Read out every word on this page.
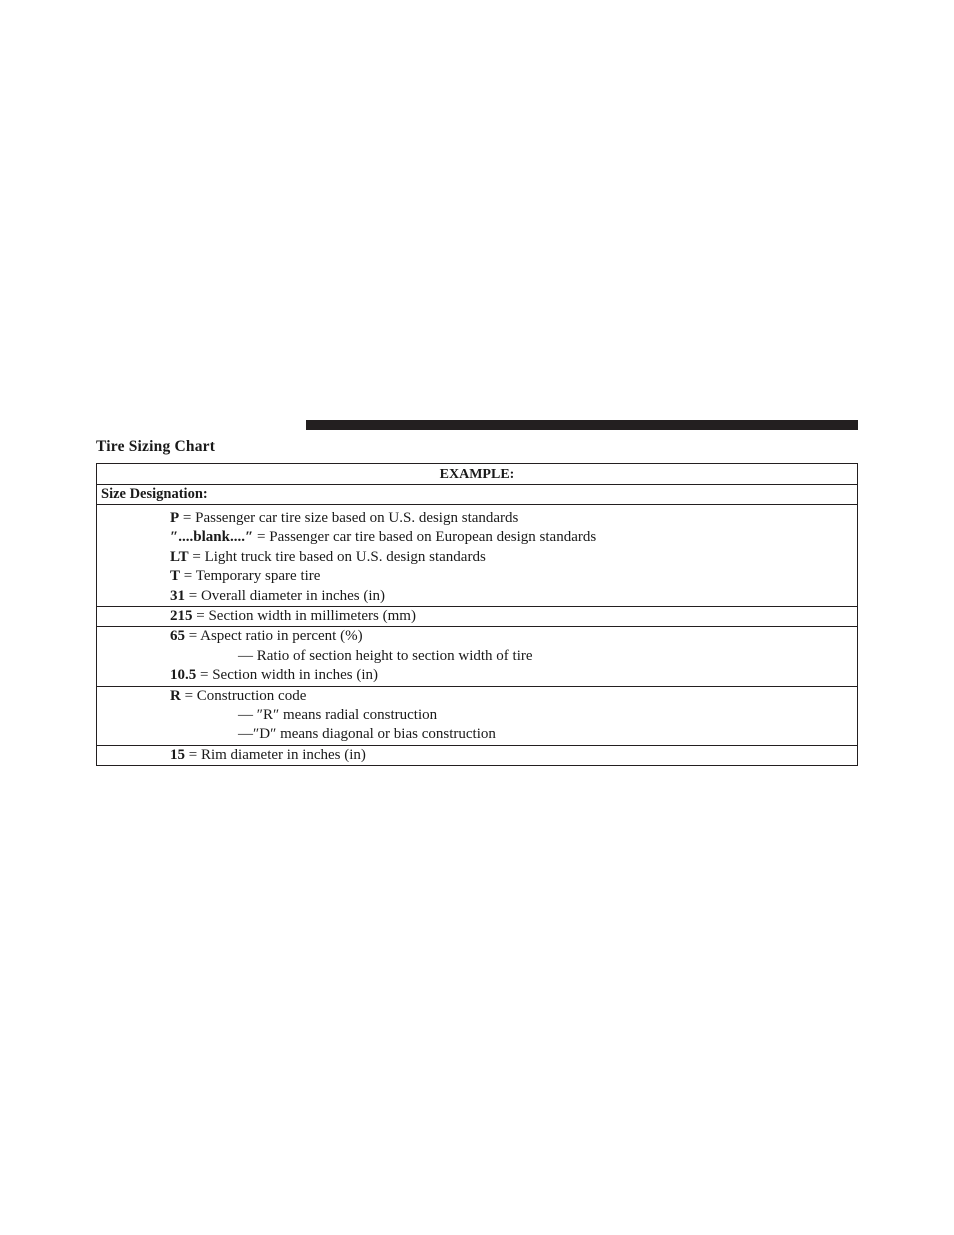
Tire Sizing Chart
EXAMPLE:
Size Designation:
P = Passenger car tire size based on U.S. design standards
″....blank....″ = Passenger car tire based on European design standards
LT = Light truck tire based on U.S. design standards
T = Temporary spare tire
31 = Overall diameter in inches (in)
215 = Section width in millimeters (mm)
65 = Aspect ratio in percent (%)
— Ratio of section height to section width of tire
10.5 = Section width in inches (in)
R = Construction code
— ″R″ means radial construction
—″D″ means diagonal or bias construction
15 = Rim diameter in inches (in)
